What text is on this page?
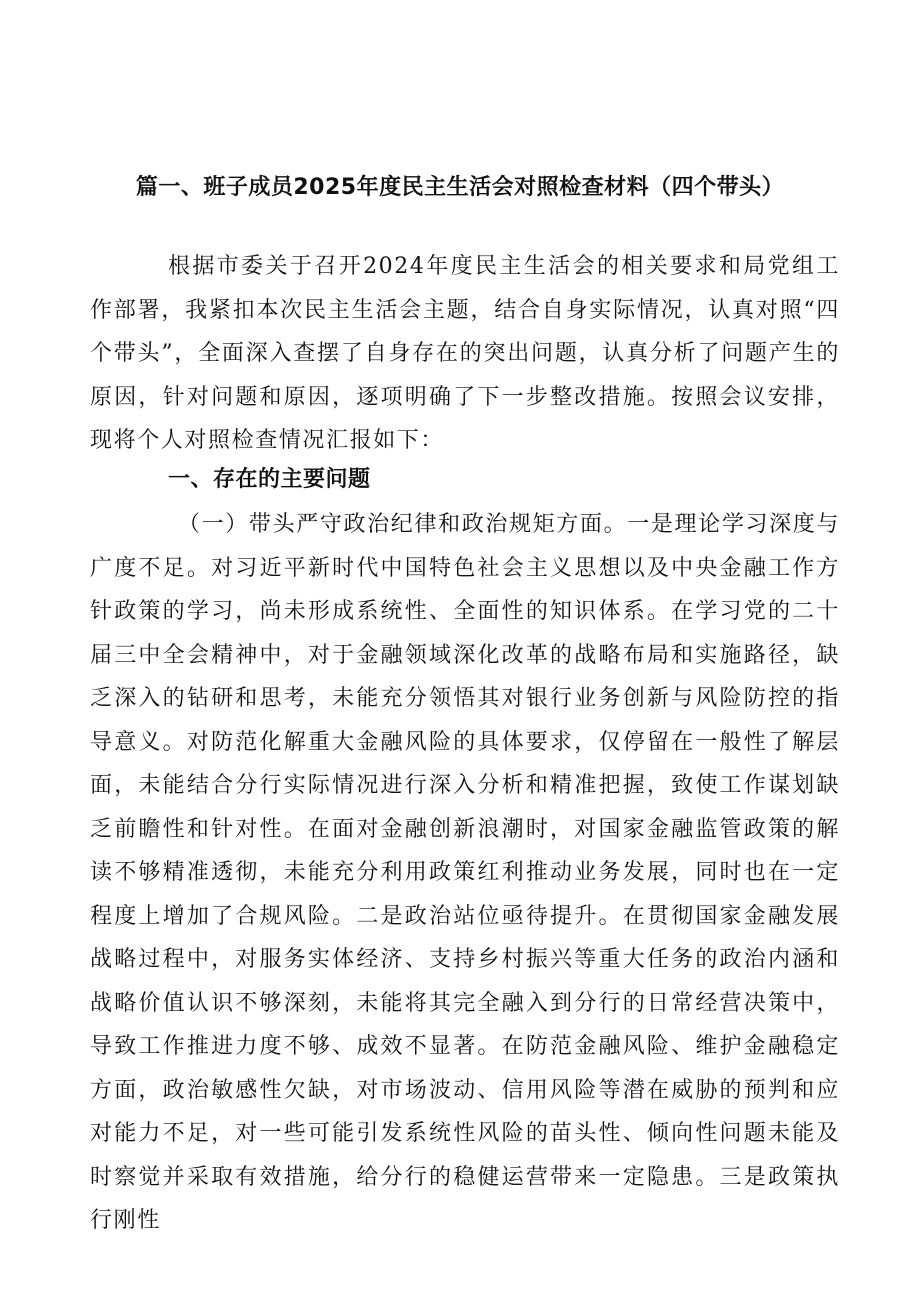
篇一、班子成员2025年度民主生活会对照检查材料（四个带头）

根据市委关于召开2024年度民主生活会的相关要求和局党组工作部署，我紧扣本次民主生活会主题，结合自身实际情况，认真对照“四个带头”，全面深入查摆了自身存在的突出问题，认真分析了问题产生的原因，针对问题和原因，逐项明确了下一步整改措施。按照会议安排，现将个人对照检查情况汇报如下：

一、存在的主要问题

（一）带头严守政治纪律和政治规矩方面。一是理论学习深度与广度不足。对习近平新时代中国特色社会主义思想以及中央金融工作方针政策的学习，尚未形成系统性、全面性的知识体系。在学习党的二十届三中全会精神中，对于金融领域深化改革的战略布局和实施路径，缺乏深入的钻研和思考，未能充分领悟其对银行业务创新与风险防控的指导意义。对防范化解重大金融风险的具体要求，仅停留在一般性了解层面，未能结合分行实际情况进行深入分析和精准把握，致使工作谋划缺乏前瞻性和针对性。在面对金融创新浪潮时，对国家金融监管政策的解读不够精准透彻，未能充分利用政策红利推动业务发展，同时也在一定程度上增加了合规风险。二是政治站位亟待提升。在贯彻国家金融发展战略过程中，对服务实体经济、支持乡村振兴等重大任务的政治内涵和战略价值认识不够深刻，未能将其完全融入到分行的日常经营决策中，导致工作推进力度不够、成效不显著。在防范金融风险、维护金融稳定方面，政治敏感性欠缺，对市场波动、信用风险等潜在威胁的预判和应对能力不足，对一些可能引发系统性风险的苗头性、倾向性问题未能及时察觉并采取有效措施，给分行的稳健运营带来一定隐患。三是政策执行刚性
